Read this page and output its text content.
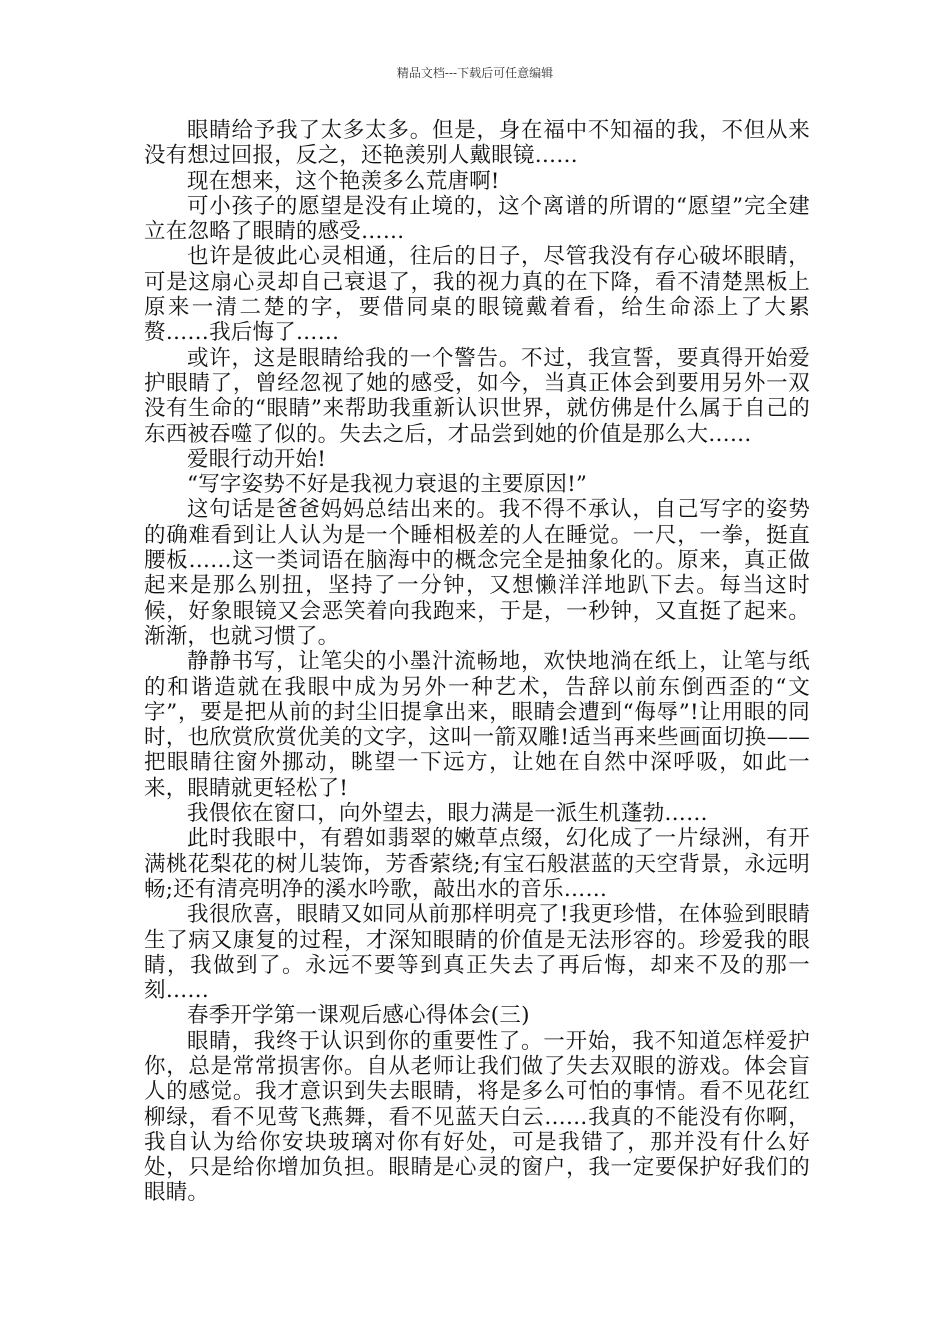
精品文档---下载后可任意编辑

眼睛给予我了太多太多。但是，身在福中不知福的我，不但从来没有想过回报，反之，还艳羡别人戴眼镜……

现在想来，这个艳羡多么荒唐啊!

可小孩子的愿望是没有止境的，这个离谱的所谓的“愿望”完全建立在忽略了眼睛的感受……

也许是彼此心灵相通，往后的日子，尽管我没有存心破坏眼睛，可是这扇心灵却自己衰退了，我的视力真的在下降，看不清楚黑板上原来一清二楚的字，要借同桌的眼镜戴着看，给生命添上了大累赘……我后悔了……

或许，这是眼睛给我的一个警告。不过，我宣誓，要真得开始爱护眼睛了，曾经忽视了她的感受，如今，当真正体会到要用另外一双没有生命的“眼睛”来帮助我重新认识世界，就仿佛是什么属于自己的东西被吞噬了似的。失去之后，才品尝到她的价值是那么大……

爱眼行动开始!

“写字姿势不好是我视力衰退的主要原因!”

这句话是爸爸妈妈总结出来的。我不得不承认，自己写字的姿势的确难看到让人认为是一个睡相极差的人在睡觉。一尺，一拳，挺直腰板……这一类词语在脑海中的概念完全是抽象化的。原来，真正做起来是那么别扭，坚持了一分钟，又想懒洋洋地趴下去。每当这时候，好象眼镜又会恶笑着向我跑来，于是，一秒钟，又直挺了起来。渐渐，也就习惯了。

静静书写，让笔尖的小墨汁流畅地，欢快地淌在纸上，让笔与纸的和谐造就在我眼中成为另外一种艺术，告辞以前东倒西歪的“文字”，要是把从前的封尘旧提拿出来，眼睛会遭到“侮辱”!让用眼的同时，也欣赏欣赏优美的文字，这叫一箭双雕!适当再来些画面切换——把眼睛往窗外挪动，眺望一下远方，让她在自然中深呼吸，如此一来，眼睛就更轻松了!

我偎依在窗口，向外望去，眼力满是一派生机蓬勃……

此时我眼中，有碧如翡翠的嫩草点缀，幻化成了一片绿洲，有开满桃花梨花的树儿装饰，芳香萦绕;有宝石般湛蓝的天空背景，永远明畅;还有清亮明净的溪水吟歌，敲出水的音乐……

我很欣喜，眼睛又如同从前那样明亮了!我更珍惜，在体验到眼睛生了病又康复的过程，才深知眼睛的价值是无法形容的。珍爱我的眼睛，我做到了。永远不要等到真正失去了再后悔，却来不及的那一刻……

春季开学第一课观后感心得体会(三)

眼睛，我终于认识到你的重要性了。一开始，我不知道怎样爱护你，总是常常损害你。自从老师让我们做了失去双眼的游戏。体会盲人的感觉。我才意识到失去眼睛，将是多么可怕的事情。看不见花红柳绿，看不见莺飞燕舞，看不见蓝天白云……我真的不能没有你啊，我自认为给你安块玻璃对你有好处，可是我错了，那并没有什么好处，只是给你增加负担。眼睛是心灵的窗户，我一定要保护好我们的眼睛。
